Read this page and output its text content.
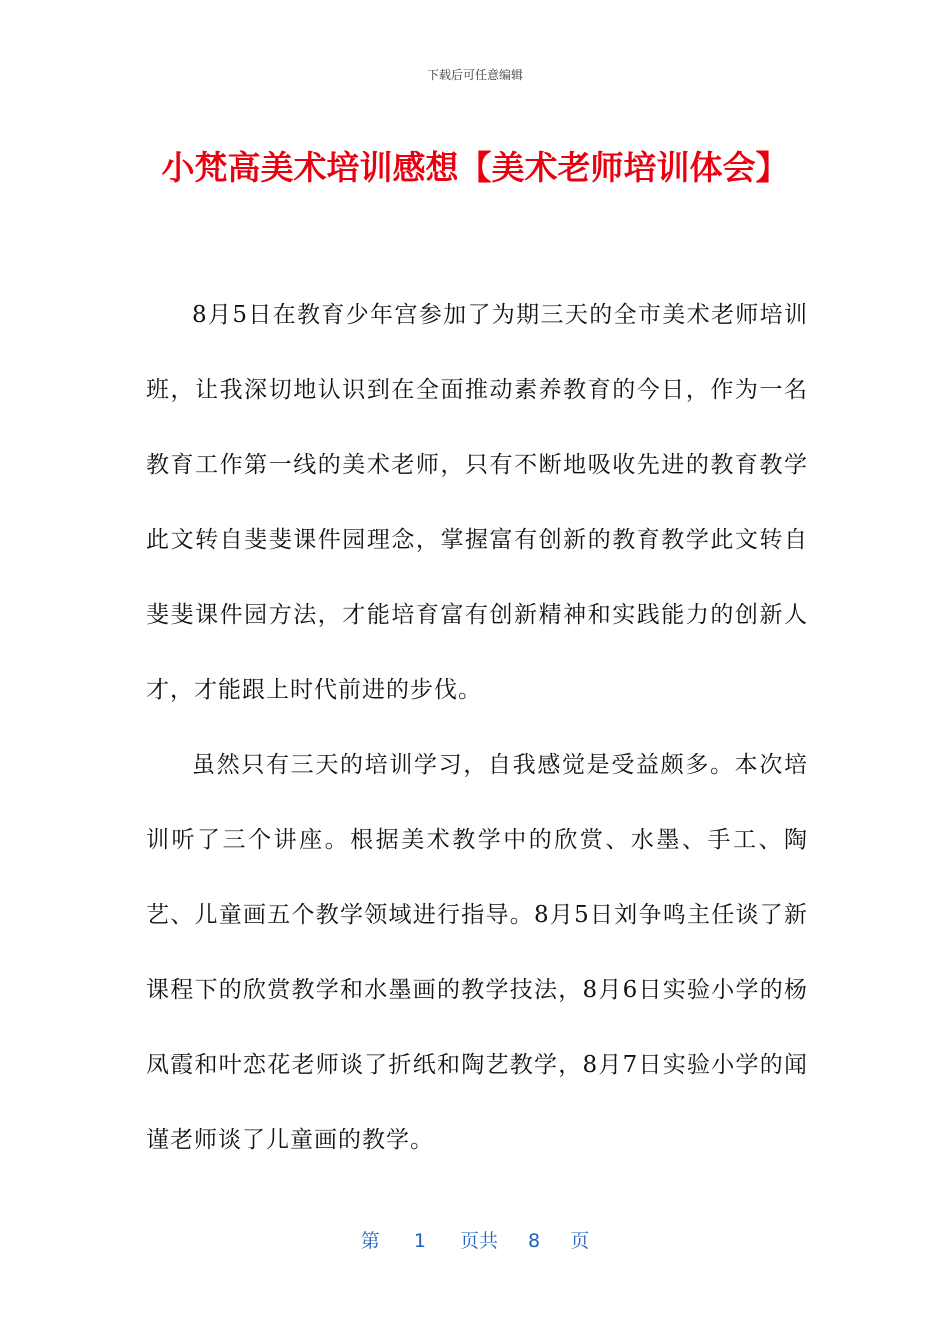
下载后可任意编辑
小梵高美术培训感想【美术老师培训体会】

8月5日在教育少年宫参加了为期三天的全市美术老师培训班，让我深切地认识到在全面推动素养教育的今日，作为一名教育工作第一线的美术老师，只有不断地吸收先进的教育教学此文转自斐斐课件园理念，掌握富有创新的教育教学此文转自斐斐课件园方法，才能培育富有创新精神和实践能力的创新人才，才能跟上时代前进的步伐。

虽然只有三天的培训学习，自我感觉是受益颇多。本次培训听了三个讲座。根据美术教学中的欣赏、水墨、手工、陶艺、儿童画五个教学领域进行指导。8月5日刘争鸣主任谈了新课程下的欣赏教学和水墨画的教学技法，8月6日实验小学的杨凤霞和叶恋花老师谈了折纸和陶艺教学，8月7日实验小学的闻谨老师谈了儿童画的教学。

第 1 页共 8 页
